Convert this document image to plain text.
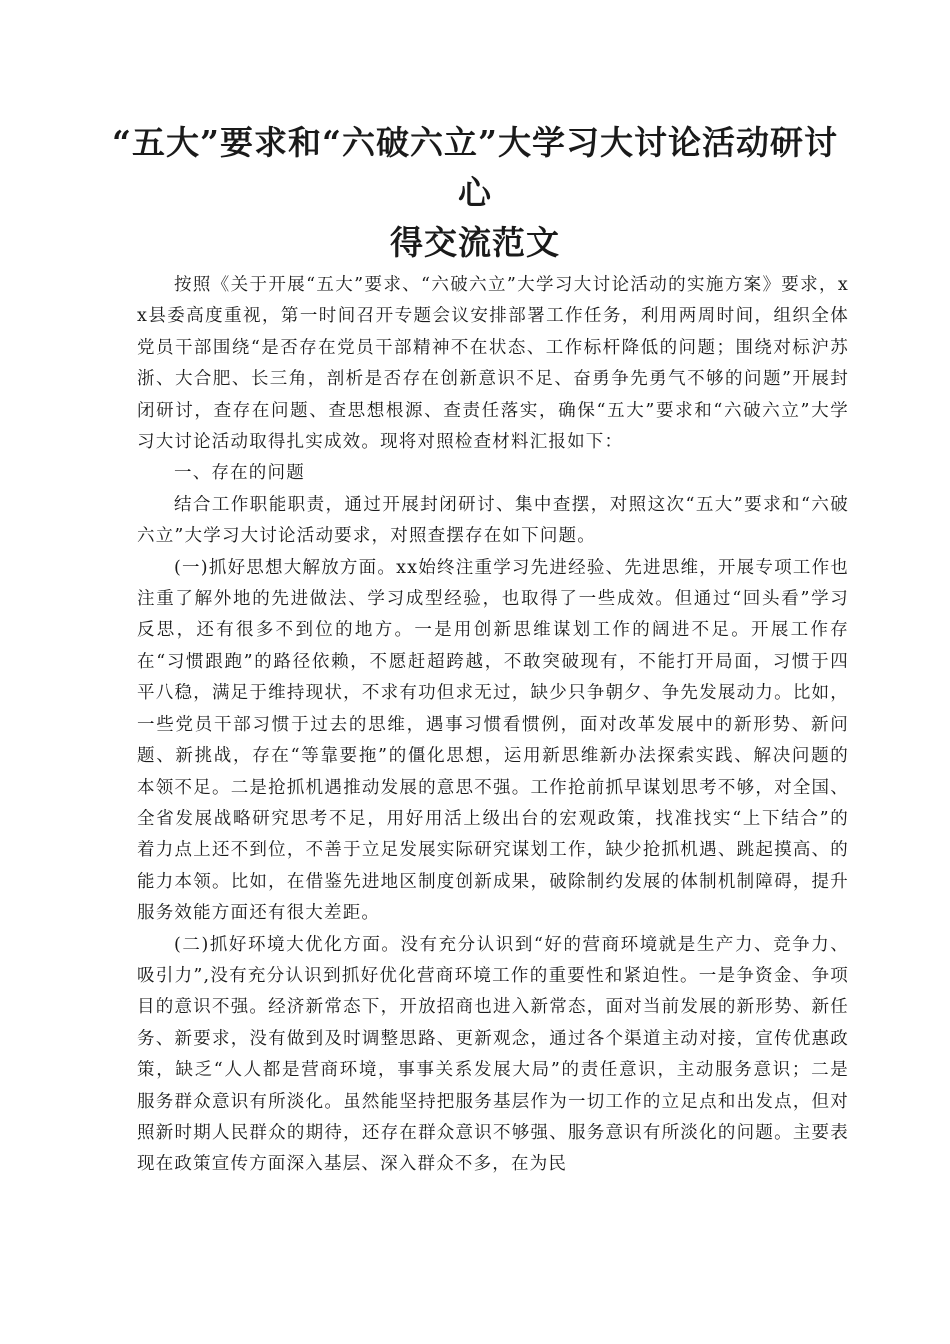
“五大”要求和“六破六立”大学习大讨论活动研讨心
得交流范文

按照《关于开展“五大”要求、“六破六立”大学习大讨论活动的实施方案》要求，xx县委高度重视，第一时间召开专题会议安排部署工作任务，利用两周时间，组织全体党员干部围绕“是否存在党员干部精神不在状态、工作标杆降低的问题；围绕对标沪苏浙、大合肥、长三角，剖析是否存在创新意识不足、奋勇争先勇气不够的问题”开展封闭研讨，查存在问题、查思想根源、查责任落实，确保“五大”要求和“六破六立”大学习大讨论活动取得扎实成效。现将对照检查材料汇报如下：

一、存在的问题

结合工作职能职责，通过开展封闭研讨、集中查摆，对照这次“五大”要求和“六破六立”大学习大讨论活动要求，对照查摆存在如下问题。

(一)抓好思想大解放方面。xx始终注重学习先进经验、先进思维，开展专项工作也注重了解外地的先进做法、学习成型经验，也取得了一些成效。但通过“回头看”学习反思，还有很多不到位的地方。一是用创新思维谋划工作的阔进不足。开展工作存在“习惯跟跑”的路径依赖，不愿赶超跨越，不敢突破现有，不能打开局面，习惯于四平八稳，满足于维持现状，不求有功但求无过，缺少只争朝夕、争先发展动力。比如，一些党员干部习惯于过去的思维，遇事习惯看惯例，面对改革发展中的新形势、新问题、新挑战，存在“等靠要拖”的僵化思想，运用新思维新办法探索实践、解决问题的本领不足。二是抢抓机遇推动发展的意思不强。工作抢前抓早谋划思考不够，对全国、全省发展战略研究思考不足，用好用活上级出台的宏观政策，找准找实“上下结合”的着力点上还不到位，不善于立足发展实际研究谋划工作，缺少抢抓机遇、跳起摸高、的能力本领。比如，在借鉴先进地区制度创新成果，破除制约发展的体制机制障碍，提升服务效能方面还有很大差距。

(二)抓好环境大优化方面。没有充分认识到“好的营商环境就是生产力、竞争力、吸引力”,没有充分认识到抓好优化营商环境工作的重要性和紧迫性。一是争资金、争项目的意识不强。经济新常态下，开放招商也进入新常态，面对当前发展的新形势、新任务、新要求，没有做到及时调整思路、更新观念，通过各个渠道主动对接，宣传优惠政策，缺乏“人人都是营商环境，事事关系发展大局”的责任意识，主动服务意识；二是服务群众意识有所淡化。虽然能坚持把服务基层作为一切工作的立足点和出发点，但对照新时期人民群众的期待，还存在群众意识不够强、服务意识有所淡化的问题。主要表现在政策宣传方面深入基层、深入群众不多，在为民
